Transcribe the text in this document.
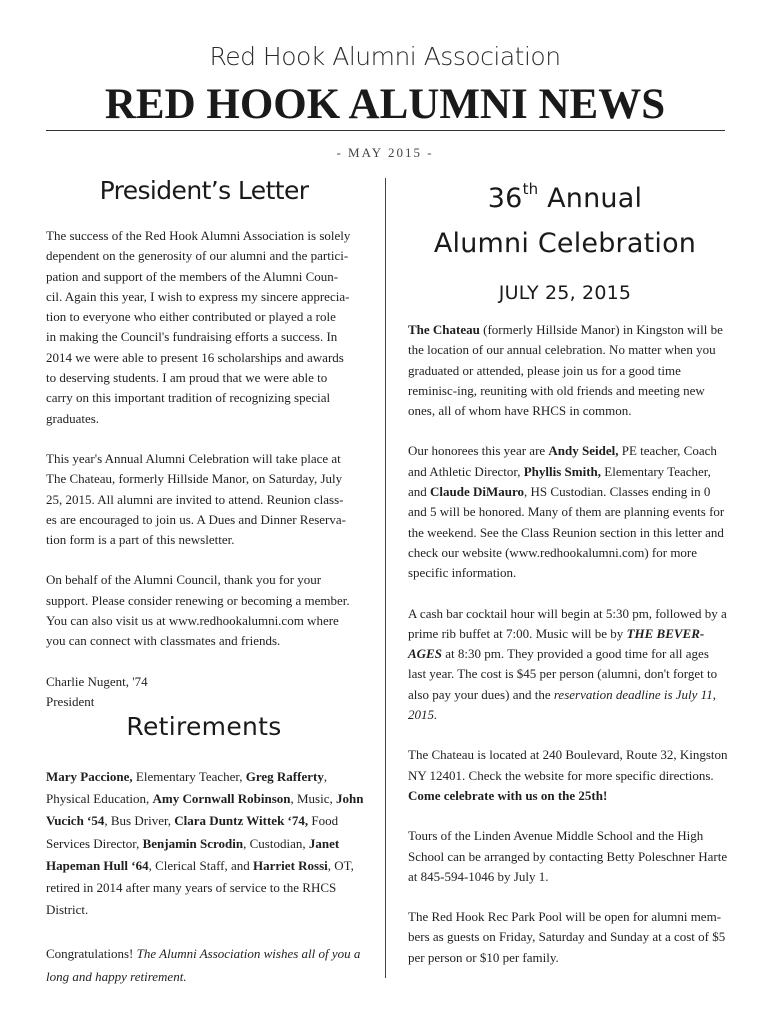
Red Hook Alumni Association
RED HOOK ALUMNI NEWS
- MAY 2015 -
President’s Letter

The success of the Red Hook Alumni Association is solely
dependent on the generosity of our alumni and the partici-
pation and support of the members of the Alumni Coun-
cil. Again this year, I wish to express my sincere apprecia-
tion to everyone who either contributed or played a role
in making the Council's fundraising efforts a success. In
2014 we were able to present 16 scholarships and awards
to deserving students. I am proud that we were able to
carry on this important tradition of recognizing special
graduates.

This year's Annual Alumni Celebration will take place at
The Chateau, formerly Hillside Manor, on Saturday, July
25, 2015. All alumni are invited to attend. Reunion class-
es are encouraged to join us. A Dues and Dinner Reserva-
tion form is a part of this newsletter.

On behalf of the Alumni Council, thank you for your
support. Please consider renewing or becoming a member.
You can also visit us at www.redhookalumni.com where
you can connect with classmates and friends.

Charlie Nugent, '74
President

Retirements

Mary Paccione, Elementary Teacher, Greg Rafferty, Physical Education, Amy Cornwall Robinson, Music, John Vucich ‘54, Bus Driver, Clara Duntz Wittek ‘74, Food Services Director, Benjamin Scrodin, Custodian, Janet Hapeman Hull ‘64, Clerical Staff, and Harriet Rossi, OT, retired in 2014 after many years of service to the RHCS District.

Congratulations! The Alumni Association wishes all of you a long and happy retirement.

36th Annual
Alumni Celebration
JULY 25, 2015

The Chateau (formerly Hillside Manor) in Kingston will be the location of our annual celebration. No matter when you graduated or attended, please join us for a good time reminisc-ing, reuniting with old friends and meeting new ones, all of whom have RHCS in common.

Our honorees this year are Andy Seidel, PE teacher, Coach and Athletic Director, Phyllis Smith, Elementary Teacher, and Claude DiMauro, HS Custodian. Classes ending in 0 and 5 will be honored. Many of them are planning events for the weekend. See the Class Reunion section in this letter and check our website (www.redhookalumni.com) for more specific information.

A cash bar cocktail hour will begin at 5:30 pm, followed by a prime rib buffet at 7:00. Music will be by THE BEVER-AGES at 8:30 pm. They provided a good time for all ages last year. The cost is $45 per person (alumni, don't forget to also pay your dues) and the reservation deadline is July 11, 2015.

The Chateau is located at 240 Boulevard, Route 32, Kingston NY 12401. Check the website for more specific directions. Come celebrate with us on the 25th!

Tours of the Linden Avenue Middle School and the High School can be arranged by contacting Betty Poleschner Harte at 845-594-1046 by July 1.

The Red Hook Rec Park Pool will be open for alumni mem-bers as guests on Friday, Saturday and Sunday at a cost of $5 per person or $10 per family.
